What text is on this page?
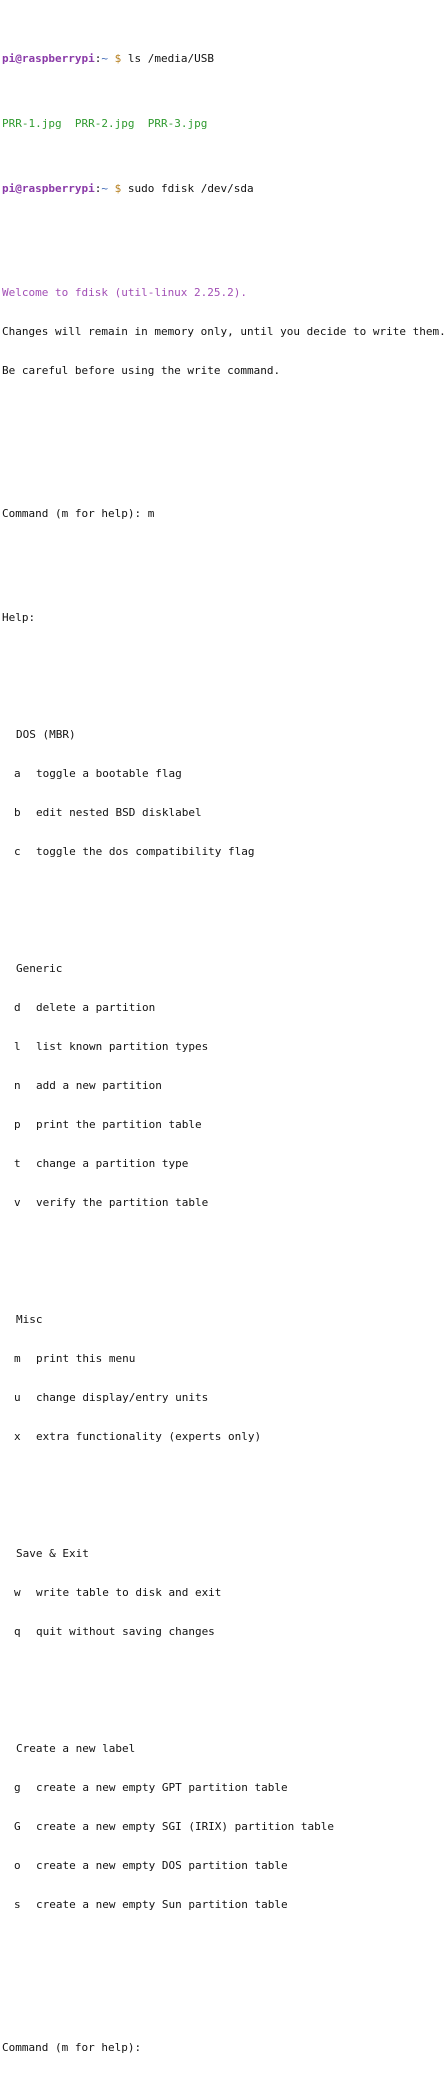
pi@raspberrypi:~ $ ls /media/USB

PRR-1.jpg PRR-2.jpg PRR-3.jpg

pi@raspberrypi:~ $ sudo fdisk /dev/sda

Welcome to fdisk (util-linux 2.25.2).

Changes will remain in memory only, until you decide to write them.

Be careful before using the write command.

Command (m for help): m

Help:

DOS (MBR)

a toggle a bootable flag

b edit nested BSD disklabel

c toggle the dos compatibility flag

Generic

d delete a partition

l list known partition types

n add a new partition

p print the partition table

t change a partition type

v verify the partition table

Misc

m print this menu

u change display/entry units

x extra functionality (experts only)

Save & Exit

w write table to disk and exit

q quit without saving changes

Create a new label

g create a new empty GPT partition table

G create a new empty SGI (IRIX) partition table

o create a new empty DOS partition table

s create a new empty Sun partition table

Command (m for help):
